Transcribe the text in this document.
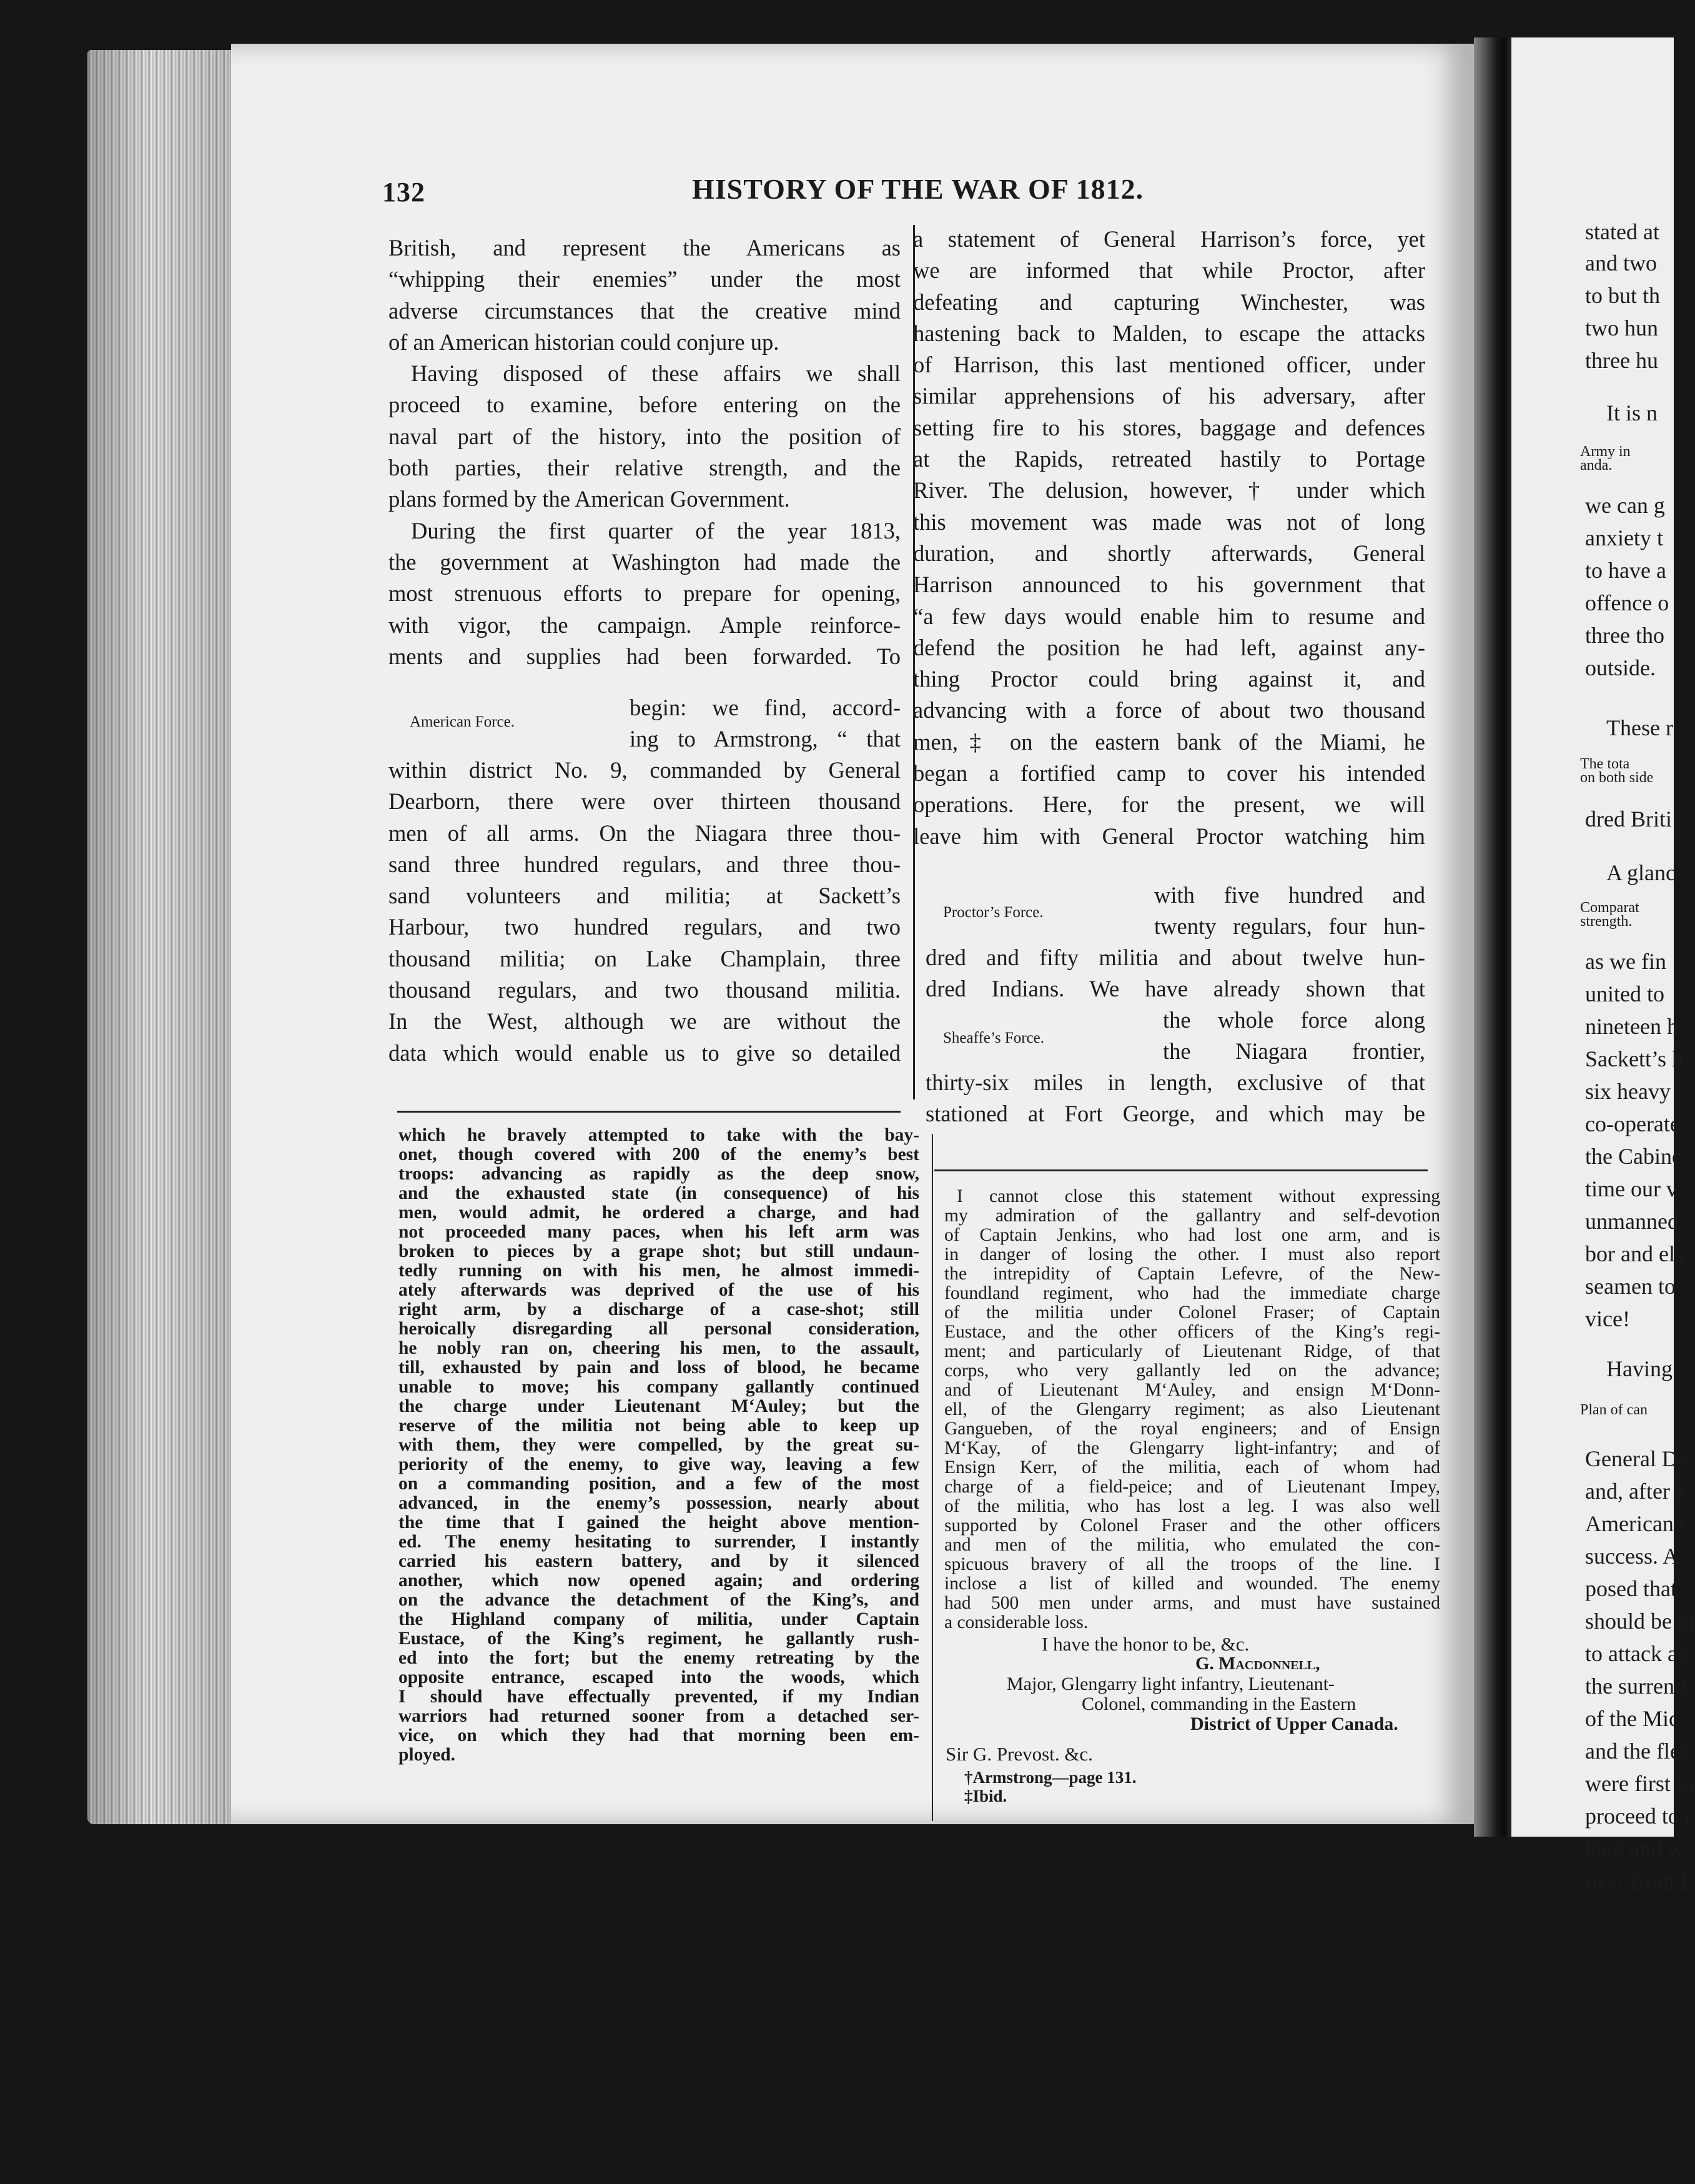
132	HISTORY OF THE WAR OF 1812.
British, and represent the Americans as
“whipping their enemies” under the most
adverse circumstances that the creative mind
of an American historian could conjure up.
Having disposed of these affairs we shall
proceed to examine, before entering on the
naval part of the history, into the position of
both parties, their relative strength, and the
plans formed by the American Government.
During the first quarter of the year 1813,
the government at Washington had made the
most strenuous efforts to prepare for opening,
with vigor, the campaign. Ample reinforce-
ments and supplies had been forwarded. To
American Force.
begin: we find, accord-
ing to Armstrong, “ that
within district No. 9, commanded by General
Dearborn, there were over thirteen thousand
men of all arms. On the Niagara three thou-
sand three hundred regulars, and three thou-
sand volunteers and militia; at Sackett’s
Harbour, two hundred regulars, and two
thousand militia; on Lake Champlain, three
thousand regulars, and two thousand militia.
In the West, although we are without the
data which would enable us to give so detailed
a statement of General Harrison’s force, yet
we are informed that while Proctor, after
defeating and capturing Winchester, was
hastening back to Malden, to escape the attacks
of Harrison, this last mentioned officer, under
similar apprehensions of his adversary, after
setting fire to his stores, baggage and defences
at the Rapids, retreated hastily to Portage
River. The delusion, however,† under which
this movement was made was not of long
duration, and shortly afterwards, General
Harrison announced to his government that
“a few days would enable him to resume and
defend the position he had left, against any-
thing Proctor could bring against it, and
advancing with a force of about two thousand
men,‡ on the eastern bank of the Miami, he
began a fortified camp to cover his intended
operations. Here, for the present, we will
leave him with General Proctor watching him
Proctor’s Force.
with five hundred and
twenty regulars, four hun-
dred and fifty militia and about twelve hun-
dred Indians. We have already shown that
Sheaffe’s Force.
the whole force along
the Niagara frontier,
thirty-six miles in length, exclusive of that
stationed at Fort George, and which may be
which he bravely attempted to take with the bay-
onet, though covered with 200 of the enemy’s best
troops: advancing as rapidly as the deep snow,
and the exhausted state (in consequence) of his
men, would admit, he ordered a charge, and had
not proceeded many paces, when his left arm was
broken to pieces by a grape shot; but still undaun-
tedly running on with his men, he almost immedi-
ately afterwards was deprived of the use of his
right arm, by a discharge of a case-shot; still
heroically disregarding all personal consideration,
he nobly ran on, cheering his men, to the assault,
till, exhausted by pain and loss of blood, he became
unable to move; his company gallantly continued
the charge under Lieutenant M‘Auley; but the
reserve of the militia not being able to keep up
with them, they were compelled, by the great su-
periority of the enemy, to give way, leaving a few
on a commanding position, and a few of the most
advanced, in the enemy’s possession, nearly about
the time that I gained the height above mention-
ed. The enemy hesitating to surrender, I instantly
carried his eastern battery, and by it silenced
another, which now opened again; and ordering
on the advance the detachment of the King’s, and
the Highland company of militia, under Captain
Eustace, of the King’s regiment, he gallantly rush-
ed into the fort; but the enemy retreating by the
opposite entrance, escaped into the woods, which
I should have effectually prevented, if my Indian
warriors had returned sooner from a detached ser-
vice, on which they had that morning been em-
ployed.
I cannot close this statement without expressing
my admiration of the gallantry and self-devotion
of Captain Jenkins, who had lost one arm, and is
in danger of losing the other. I must also report
the intrepidity of Captain Lefevre, of the New-
foundland regiment, who had the immediate charge
of the militia under Colonel Fraser; of Captain
Eustace, and the other officers of the King’s regi-
ment; and particularly of Lieutenant Ridge, of that
corps, who very gallantly led on the advance;
and of Lieutenant M‘Auley, and ensign M‘Donn-
ell, of the Glengarry regiment; as also Lieutenant
Gangueben, of the royal engineers; and of Ensign
M‘Kay, of the Glengarry light-infantry; and of
Ensign Kerr, of the militia, each of whom had
charge of a field-peice; and of Lieutenant Impey,
of the militia, who has lost a leg. I was also well
supported by Colonel Fraser and the other officers
and men of the militia, who emulated the con-
spicuous bravery of all the troops of the line. I
inclose a list of killed and wounded. The enemy
had 500 men under arms, and must have sustained
a considerable loss.
I have the honor to be, &c.
G. Macdonnell,
Major, Glengarry light infantry, Lieutenant-
Colonel, commanding in the Eastern
District of Upper Canada.
Sir G. Prevost. &c.
†Armstrong—page 131.
‡Ibid.
stated at
and two
to but th
two hun
three hu
It is n
Army in
anda.
we can g
anxiety t
to have a
offence o
three tho
outside.
These r
The tota
on both side
dred Briti
A glanc
Comparat
strength.
as we fin
united to
nineteen h
Sackett’s h
six heavy
co-operate
the Cabine
time our v
unmanned
bor and els
seamen to
vice!
Having
Plan of can
General De
and, after s
American C
success. A
posed that
should be m
to attack an
the surrend
of the Mic
and the flee
were first to
proceed to t
land and w
over from I
